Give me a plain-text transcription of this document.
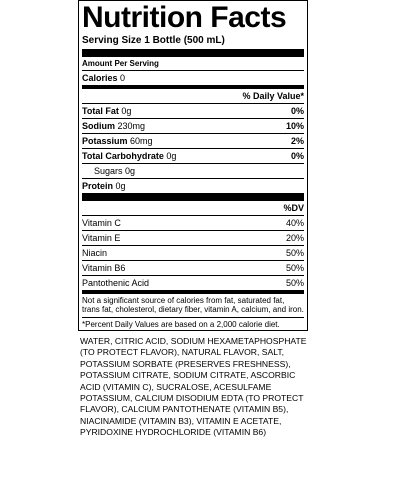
Nutrition Facts
Serving Size 1 Bottle (500 mL)
Amount Per Serving
Calories 0
% Daily Value*
Total Fat 0g	0%
Sodium 230mg	10%
Potassium 60mg	2%
Total Carbohydrate 0g	0%
Sugars 0g
Protein 0g
%DV
Vitamin C	40%
Vitamin E	20%
Niacin	50%
Vitamin B6	50%
Pantothenic Acid	50%
Not a significant source of calories from fat, saturated fat, trans fat, cholesterol, dietary fiber, vitamin A, calcium, and iron.
*Percent Daily Values are based on a 2,000 calorie diet.
WATER, CITRIC ACID, SODIUM HEXAMETAPHOSPHATE (TO PROTECT FLAVOR), NATURAL FLAVOR, SALT, POTASSIUM SORBATE (PRESERVES FRESHNESS), POTASSIUM CITRATE, SODIUM CITRATE, ASCORBIC ACID (VITAMIN C), SUCRALOSE, ACESULFAME POTASSIUM, CALCIUM DISODIUM EDTA (TO PROTECT FLAVOR), CALCIUM PANTOTHENATE (VITAMIN B5), NIACINAMIDE (VITAMIN B3), VITAMIN E ACETATE, PYRIDOXINE HYDROCHLORIDE (VITAMIN B6)
